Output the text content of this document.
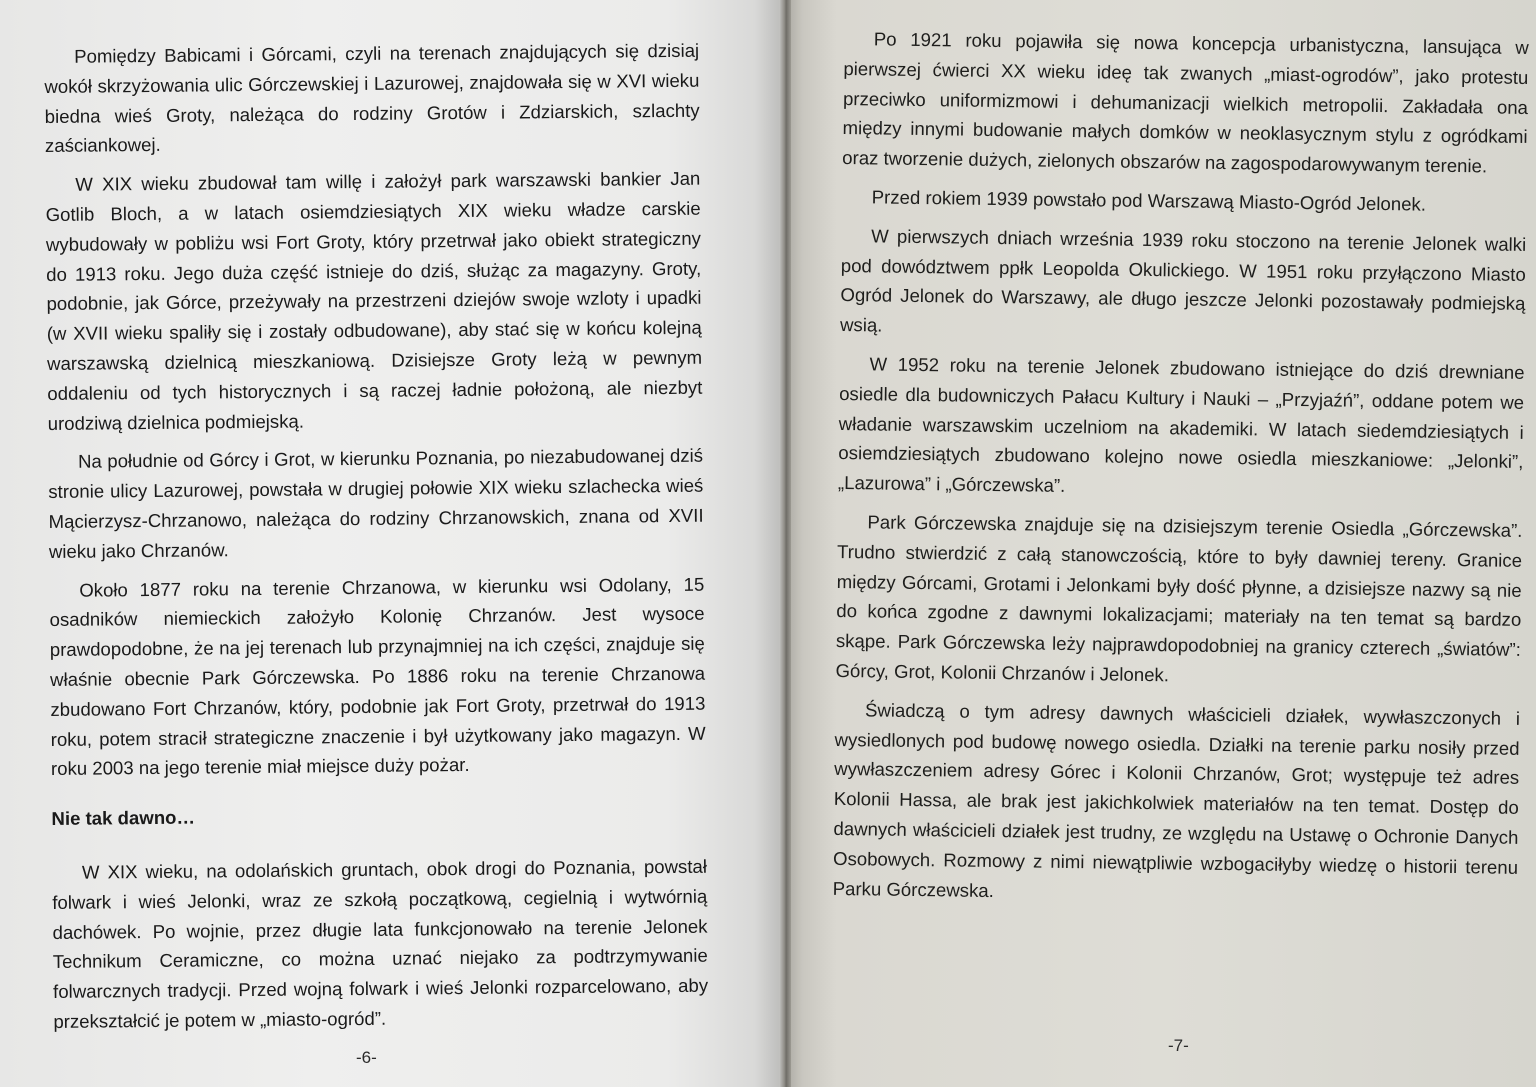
Pomiędzy Babicami i Górcami, czyli na terenach znajdujących się dzisiaj wokół skrzyżowania ulic Górczewskiej i Lazurowej, znajdowała się w XVI wieku biedna wieś Groty, należąca do rodziny Grotów i Zdziarskich, szlachty zaściankowej.

W XIX wieku zbudował tam willę i założył park warszawski bankier Jan Gotlib Bloch, a w latach osiemdziesiątych XIX wieku władze carskie wybudowały w pobliżu wsi Fort Groty, który przetrwał jako obiekt strategiczny do 1913 roku. Jego duża część istnieje do dziś, służąc za magazyny. Groty, podobnie, jak Górce, przeżywały na przestrzeni dziejów swoje wzloty i upadki (w XVII wieku spaliły się i zostały odbudowane), aby stać się w końcu kolejną warszawską dzielnicą mieszkaniową. Dzisiejsze Groty leżą w pewnym oddaleniu od tych historycznych i są raczej ładnie położoną, ale niezbyt urodziwą dzielnica podmiejską.

Na południe od Górcy i Grot, w kierunku Poznania, po niezabudowanej dziś stronie ulicy Lazurowej, powstała w drugiej połowie XIX wieku szlachecka wieś Mącierzysz-Chrzanowo, należąca do rodziny Chrzanowskich, znana od XVII wieku jako Chrzanów.

Około 1877 roku na terenie Chrzanowa, w kierunku wsi Odolany, 15 osadników niemieckich założyło Kolonię Chrzanów. Jest wysoce prawdopodobne, że na jej terenach lub przynajmniej na ich części, znajduje się właśnie obecnie Park Górczewska. Po 1886 roku na terenie Chrzanowa zbudowano Fort Chrzanów, który, podobnie jak Fort Groty, przetrwał do 1913 roku, potem stracił strategiczne znaczenie i był użytkowany jako magazyn. W roku 2003 na jego terenie miał miejsce duży pożar.

Nie tak dawno…

W XIX wieku, na odolańskich gruntach, obok drogi do Poznania, powstał folwark i wieś Jelonki, wraz ze szkołą początkową, cegielnią i wytwórnią dachówek. Po wojnie, przez długie lata funkcjonowało na terenie Jelonek Technikum Ceramiczne, co można uznać niejako za podtrzymywanie folwarcznych tradycji. Przed wojną folwark i wieś Jelonki rozparcelowano, aby przekształcić je potem w „miasto-ogród”.

-6-

Po 1921 roku pojawiła się nowa koncepcja urbanistyczna, lansująca w pierwszej ćwierci XX wieku ideę tak zwanych „miast-ogrodów”, jako protestu przeciwko uniformizmowi i dehumanizacji wielkich metropolii. Zakładała ona między innymi budowanie małych domków w neoklasycznym stylu z ogródkami oraz tworzenie dużych, zielonych obszarów na zagospodarowywanym terenie.

Przed rokiem 1939 powstało pod Warszawą Miasto-Ogród Jelonek.

W pierwszych dniach września 1939 roku stoczono na terenie Jelonek walki pod dowództwem ppłk Leopolda Okulickiego. W 1951 roku przyłączono Miasto Ogród Jelonek do Warszawy, ale długo jeszcze Jelonki pozostawały podmiejską wsią.

W 1952 roku na terenie Jelonek zbudowano istniejące do dziś drewniane osiedle dla budowniczych Pałacu Kultury i Nauki – „Przyjaźń”, oddane potem we władanie warszawskim uczelniom na akademiki. W latach siedemdziesiątych i osiemdziesiątych zbudowano kolejno nowe osiedla mieszkaniowe: „Jelonki”, „Lazurowa” i „Górczewska”.

Park Górczewska znajduje się na dzisiejszym terenie Osiedla „Górczewska”. Trudno stwierdzić z całą stanowczością, które to były dawniej tereny. Granice między Górcami, Grotami i Jelonkami były dość płynne, a dzisiejsze nazwy są nie do końca zgodne z dawnymi lokalizacjami; materiały na ten temat są bardzo skąpe. Park Górczewska leży najprawdopodobniej na granicy czterech „światów”: Górcy, Grot, Kolonii Chrzanów i Jelonek.

Świadczą o tym adresy dawnych właścicieli działek, wywłaszczonych i wysiedlonych pod budowę nowego osiedla. Działki na terenie parku nosiły przed wywłaszczeniem adresy Górec i Kolonii Chrzanów, Grot; występuje też adres Kolonii Hassa, ale brak jest jakichkolwiek materiałów na ten temat. Dostęp do dawnych właścicieli działek jest trudny, ze względu na Ustawę o Ochronie Danych Osobowych. Rozmowy z nimi niewątpliwie wzbogaciłyby wiedzę o historii terenu Parku Górczewska.

-7-
